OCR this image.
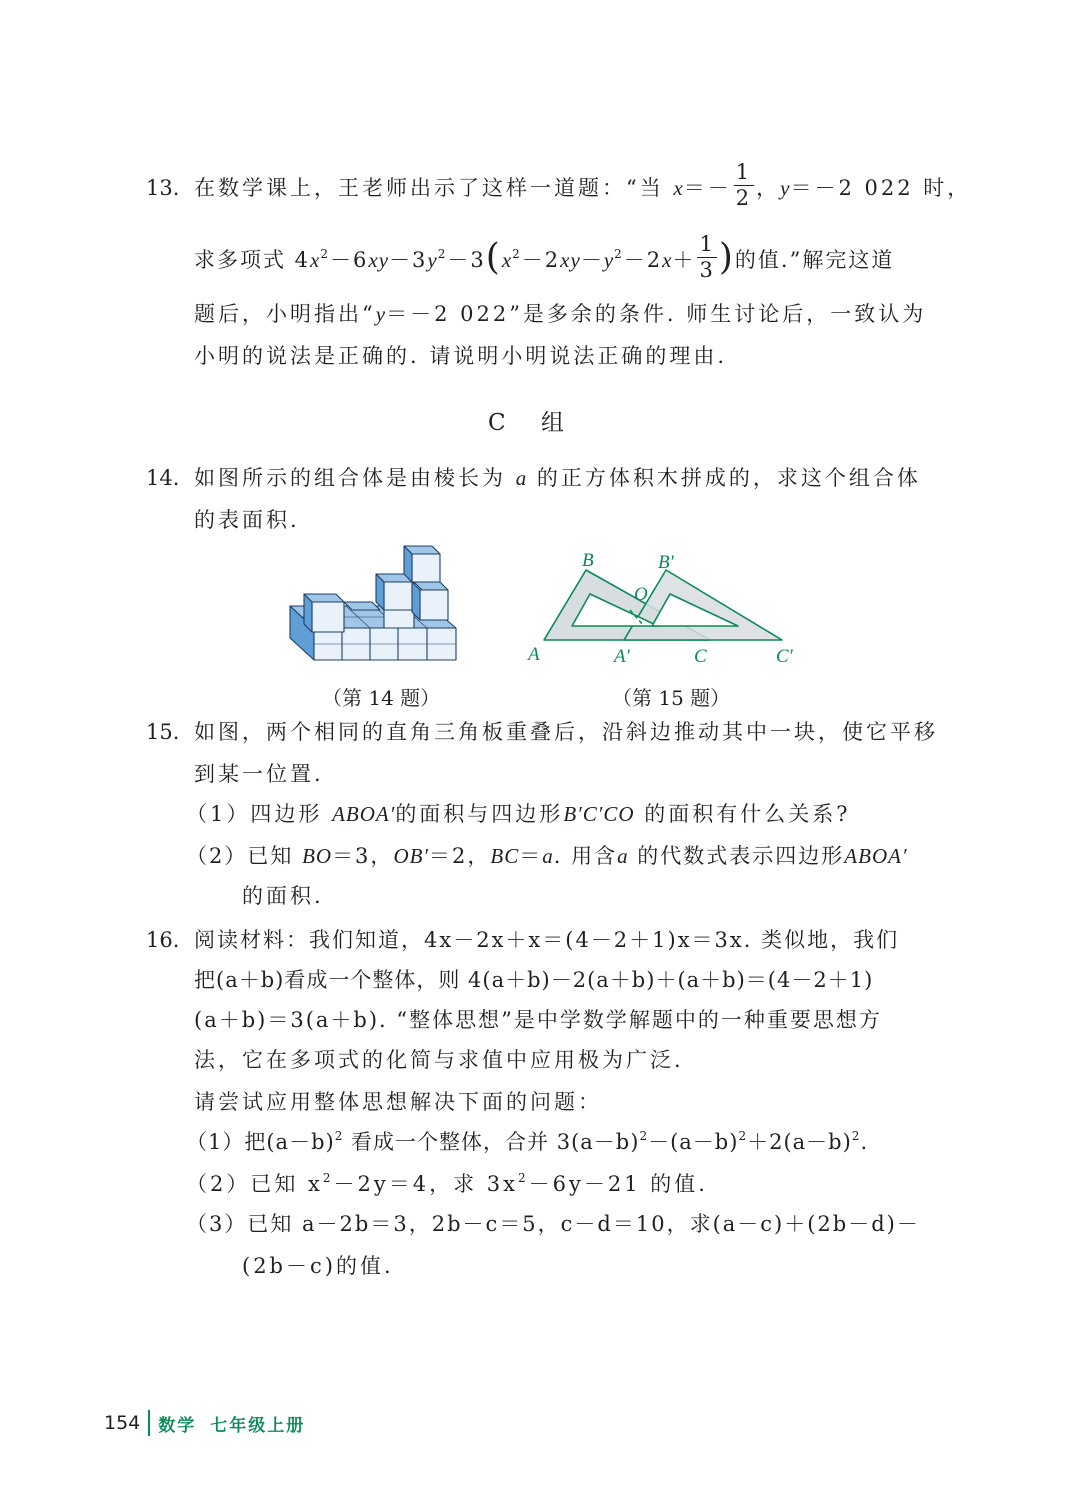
13. 在数学课上，王老师出示了这样一道题：“当 $x=- \frac{1}{2}$ ，y＝－2 022 时，
求多项式 $4x^2-6xy-3y^2-3(x^2-2xy-y^2-2x+ \frac{1}{3}$ )的值.”解完这道
题后，小明指出“y＝－2 022”是多余的条件. 师生讨论后，一致认为
小明的说法是正确的. 请说明小明说法正确的理由.
C 组
14. 如图所示的组合体是由棱长为 a 的正方体积木拼成的，求这个组合体
的表面积.
（第 14 题）
B	B′
O
A	A′	C	C′
（第 15 题）
15. 如图，两个相同的直角三角板重叠后，沿斜边推动其中一块，使它平移
到某一位置.
（1）四边形 ABOA′的面积与四边形B′C′CO 的面积有什么关系?
（2）已知 BO＝3，OB′＝2，BC＝a. 用含a 的代数式表示四边形ABOA′
的面积.
16. 阅读材料：我们知道，4x－2x＋x＝(4－2＋1)x＝3x. 类似地，我们
把(a＋b)看成一个整体，则 4(a＋b)－2(a＋b)＋(a＋b)＝(4－2＋1)
(a＋b)＝3(a＋b). “整体思想”是中学数学解题中的一种重要思想方
法，它在多项式的化简与求值中应用极为广泛.
请尝试应用整体思想解决下面的问题：
（1）把$(a-b)^2$ 看成一个整体，合并 $3(a-b)^2-(a-b)^2+2(a-b)^2$.
（2）已知 $x^2-2y=4$，求 $3x^2-6y-21$ 的值.
（3）已知 a－2b＝3，2b－c＝5，c－d＝10，求(a－c)＋(2b－d)－
(2b－c)的值.
154 数学 七年级上册
